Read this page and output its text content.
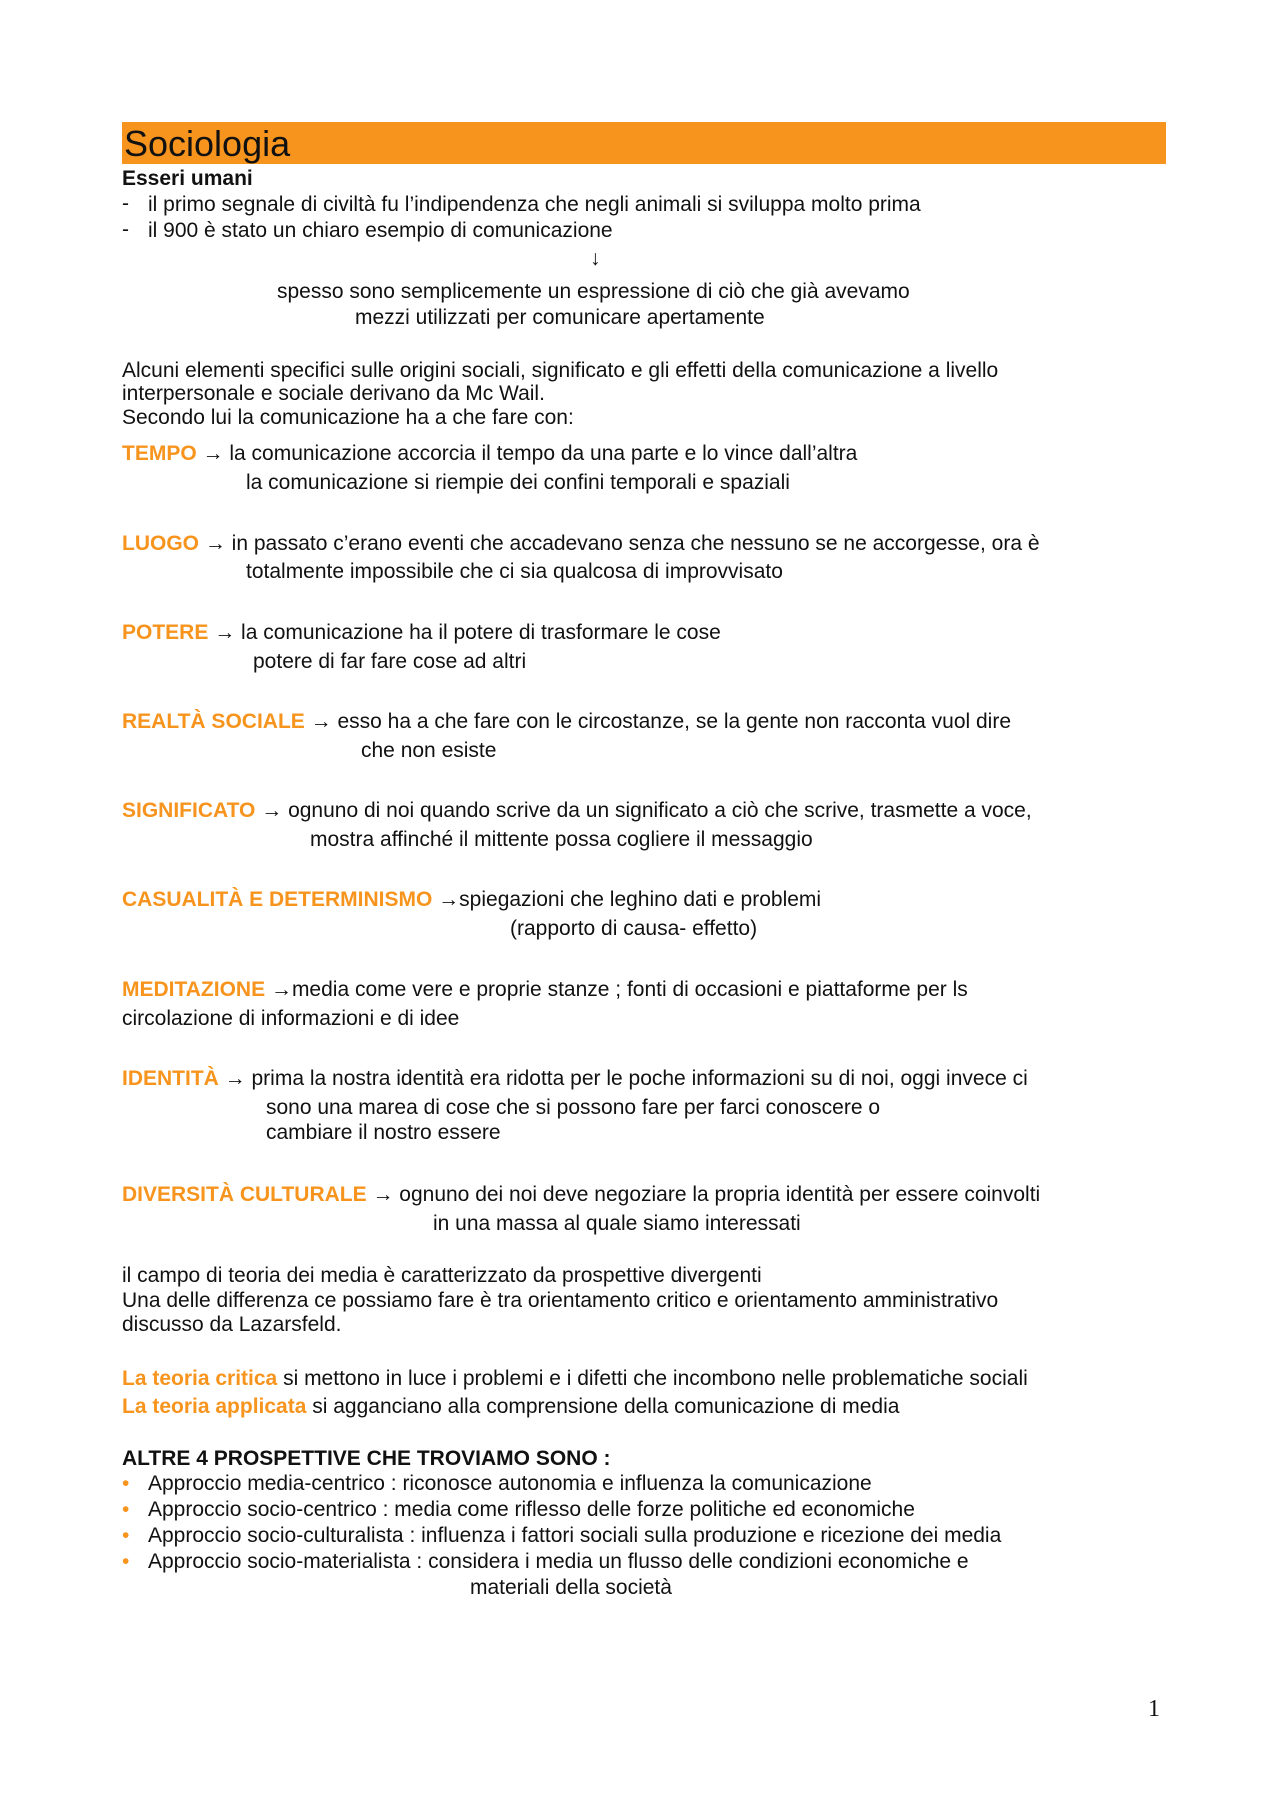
Sociologia
Esseri umani
- il primo segnale di civiltà fu l’indipendenza che negli animali si sviluppa molto prima
- il 900 è stato un chiaro esempio di comunicazione
↓
spesso sono semplicemente un espressione di ciò che già avevamo
mezzi utilizzati per comunicare apertamente
Alcuni elementi specifici sulle origini sociali, significato e gli effetti della comunicazione a livello
interpersonale e sociale derivano da Mc Wail.
Secondo lui la comunicazione ha a che fare con:
TEMPO → la comunicazione accorcia il tempo da una parte e lo vince dall’altra
la comunicazione si riempie dei confini temporali e spaziali
LUOGO → in passato c’erano eventi che accadevano senza che nessuno se ne accorgesse, ora è
totalmente impossibile che ci sia qualcosa di improvvisato
POTERE → la comunicazione ha il potere di trasformare le cose
potere di far fare cose ad altri
REALTÀ SOCIALE → esso ha a che fare con le circostanze, se la gente non racconta vuol dire
che non esiste
SIGNIFICATO → ognuno di noi quando scrive da un significato a ciò che scrive, trasmette a voce,
mostra affinché il mittente possa cogliere il messaggio
CASUALITÀ E DETERMINISMO →spiegazioni che leghino dati e problemi
(rapporto di causa- effetto)
MEDITAZIONE →media come vere e proprie stanze ; fonti di occasioni e piattaforme per ls
circolazione di informazioni e di idee
IDENTITÀ → prima la nostra identità era ridotta per le poche informazioni su di noi, oggi invece ci
sono una marea di cose che si possono fare per farci conoscere o
cambiare il nostro essere
DIVERSITÀ CULTURALE → ognuno dei noi deve negoziare la propria identità per essere coinvolti
in una massa al quale siamo interessati
il campo di teoria dei media è caratterizzato da prospettive divergenti
Una delle differenza ce possiamo fare è tra orientamento critico e orientamento amministrativo
discusso da Lazarsfeld.
La teoria critica si mettono in luce i problemi e i difetti che incombono nelle problematiche sociali
La teoria applicata si agganciano alla comprensione della comunicazione di media
ALTRE 4 PROSPETTIVE CHE TROVIAMO SONO :
• Approccio media-centrico : riconosce autonomia e influenza la comunicazione
• Approccio socio-centrico : media come riflesso delle forze politiche ed economiche
• Approccio socio-culturalista : influenza i fattori sociali sulla produzione e ricezione dei media
• Approccio socio-materialista : considera i media un flusso delle condizioni economiche e
materiali della società
1
